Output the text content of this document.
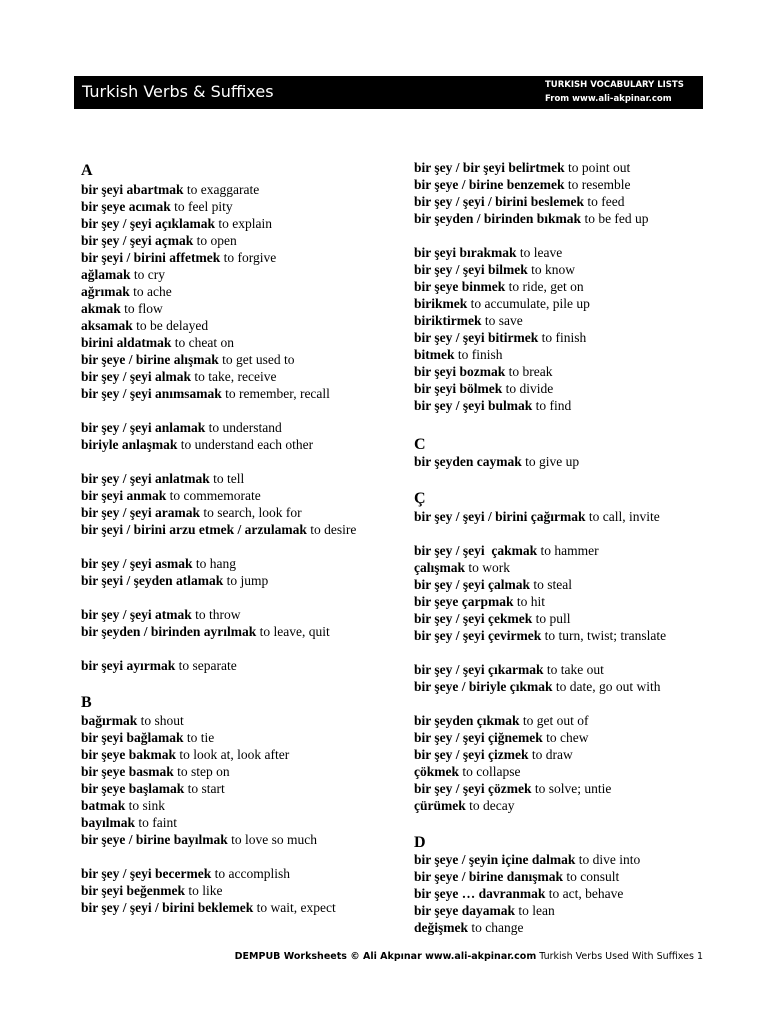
Turkish Verbs & Suffixes	TURKISH VOCABULARY LISTS
From www.ali-akpinar.com
A
bir şeyi abartmak to exaggarate
bir şeye acımak to feel pity
bir şey / şeyi açıklamak to explain
bir şey / şeyi açmak to open
bir şeyi / birini affetmek to forgive
ağlamak to cry
ağrımak to ache
akmak to flow
aksamak to be delayed
birini aldatmak to cheat on
bir şeye / birine alışmak to get used to
bir şey / şeyi almak to take, receive
bir şey / şeyi anımsamak to remember, recall
bir şey / şeyi anlamak to understand
biriyle anlaşmak to understand each other
bir şey / şeyi anlatmak to tell
bir şeyi anmak to commemorate
bir şey / şeyi aramak to search, look for
bir şeyi / birini arzu etmek / arzulamak to desire
bir şey / şeyi asmak to hang
bir şeyi / şeyden atlamak to jump
bir şey / şeyi atmak to throw
bir şeyden / birinden ayrılmak to leave, quit
bir şeyi ayırmak to separate
B
bağırmak to shout
bir şeyi bağlamak to tie
bir şeye bakmak to look at, look after
bir şeye basmak to step on
bir şeye başlamak to start
batmak to sink
bayılmak to faint
bir şeye / birine bayılmak to love so much
bir şey / şeyi becermek to accomplish
bir şeyi beğenmek to like
bir şey / şeyi / birini beklemek to wait, expect
bir şey / bir şeyi belirtmek to point out
bir şeye / birine benzemek to resemble
bir şey / şeyi / birini beslemek to feed
bir şeyden / birinden bıkmak to be fed up
bir şeyi bırakmak to leave
bir şey / şeyi bilmek to know
bir şeye binmek to ride, get on
birikmek to accumulate, pile up
biriktirmek to save
bir şey / şeyi bitirmek to finish
bitmek to finish
bir şeyi bozmak to break
bir şeyi bölmek to divide
bir şey / şeyi bulmak to find
C
bir şeyden caymak to give up
Ç
bir şey / şeyi / birini çağırmak to call, invite
bir şey / şeyi  çakmak to hammer
çalışmak to work
bir şey / şeyi çalmak to steal
bir şeye çarpmak to hit
bir şey / şeyi çekmek to pull
bir şey / şeyi çevirmek to turn, twist; translate
bir şey / şeyi çıkarmak to take out
bir şeye / biriyle çıkmak to date, go out with
bir şeyden çıkmak to get out of
bir şey / şeyi çiğnemek to chew
bir şey / şeyi çizmek to draw
çökmek to collapse
bir şey / şeyi çözmek to solve; untie
çürümek to decay
D
bir şeye / şeyin içine dalmak to dive into
bir şeye / birine danışmak to consult
bir şeye … davranmak to act, behave
bir şeye dayamak to lean
değişmek to change
DEMPUB Worksheets © Ali Akpınar www.ali-akpinar.com Turkish Verbs Used With Suffixes 1
